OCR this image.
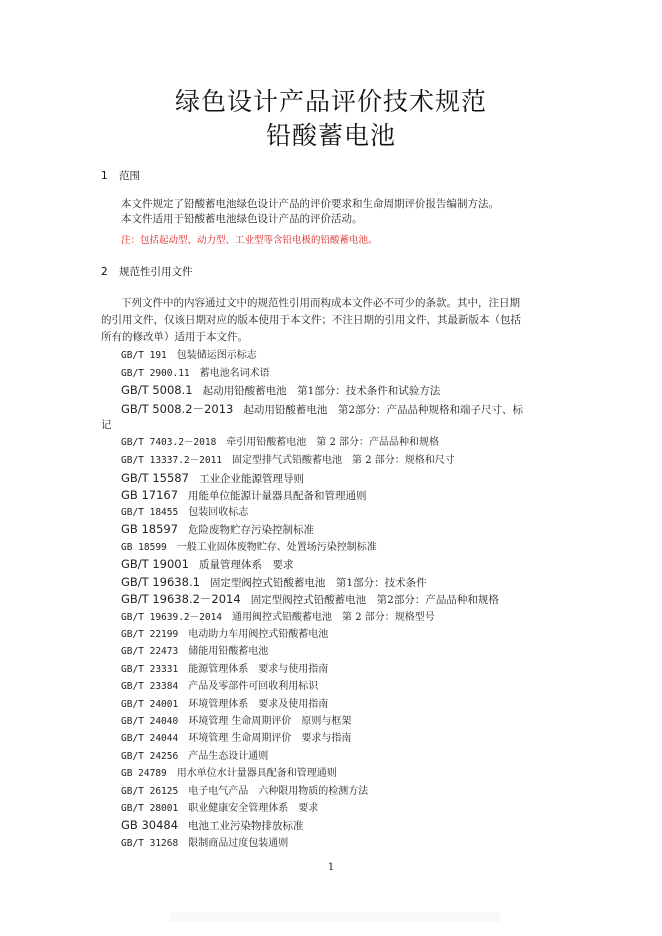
绿色设计产品评价技术规范
铅酸蓄电池
1 范围
本文件规定了铅酸蓄电池绿色设计产品的评价要求和生命周期评价报告编制方法。
本文件适用于铅酸蓄电池绿色设计产品的评价活动。
注：包括起动型、动力型、工业型等含铅电极的铅酸蓄电池。
2 规范性引用文件
下列文件中的内容通过文中的规范性引用而构成本文件必不可少的条款。其中，注日期
的引用文件，仅该日期对应的版本使用于本文件；不注日期的引用文件，其最新版本（包括
所有的修改单）适用于本文件。
GB/T 191 包装储运图示标志
GB/T 2900.11 蓄电池名词术语
GB/T 5008.1 起动用铅酸蓄电池　第1部分：技术条件和试验方法
GB/T 5008.2－2013 起动用铅酸蓄电池　第2部分：产品品种规格和端子尺寸、标
记
GB/T 7403.2－2018 牵引用铅酸蓄电池　第 2 部分：产品品种和规格
GB/T 13337.2－2011 固定型排气式铅酸蓄电池　第 2 部分：规格和尺寸
GB/T 15587 工业企业能源管理导则
GB 17167 用能单位能源计量器具配备和管理通则
GB/T 18455 包装回收标志
GB 18597 危险废物贮存污染控制标准
GB 18599 一般工业固体废物贮存、处置场污染控制标准
GB/T 19001 质量管理体系　要求
GB/T 19638.1 固定型阀控式铅酸蓄电池　第1部分：技术条件
GB/T 19638.2－2014 固定型阀控式铅酸蓄电池　第2部分：产品品种和规格
GB/T 19639.2－2014 通用阀控式铅酸蓄电池　第 2 部分：规格型号
GB/T 22199 电动助力车用阀控式铅酸蓄电池
GB/T 22473 储能用铅酸蓄电池
GB/T 23331 能源管理体系　要求与使用指南
GB/T 23384 产品及零部件可回收利用标识
GB/T 24001 环境管理体系　要求及使用指南
GB/T 24040 环境管理 生命周期评价　原则与框架
GB/T 24044 环境管理 生命周期评价　要求与指南
GB/T 24256 产品生态设计通则
GB 24789 用水单位水计量器具配备和管理通则
GB/T 26125 电子电气产品　六种限用物质的检测方法
GB/T 28001 职业健康安全管理体系　要求
GB 30484 电池工业污染物排放标准
GB/T 31268 限制商品过度包装通则
1
